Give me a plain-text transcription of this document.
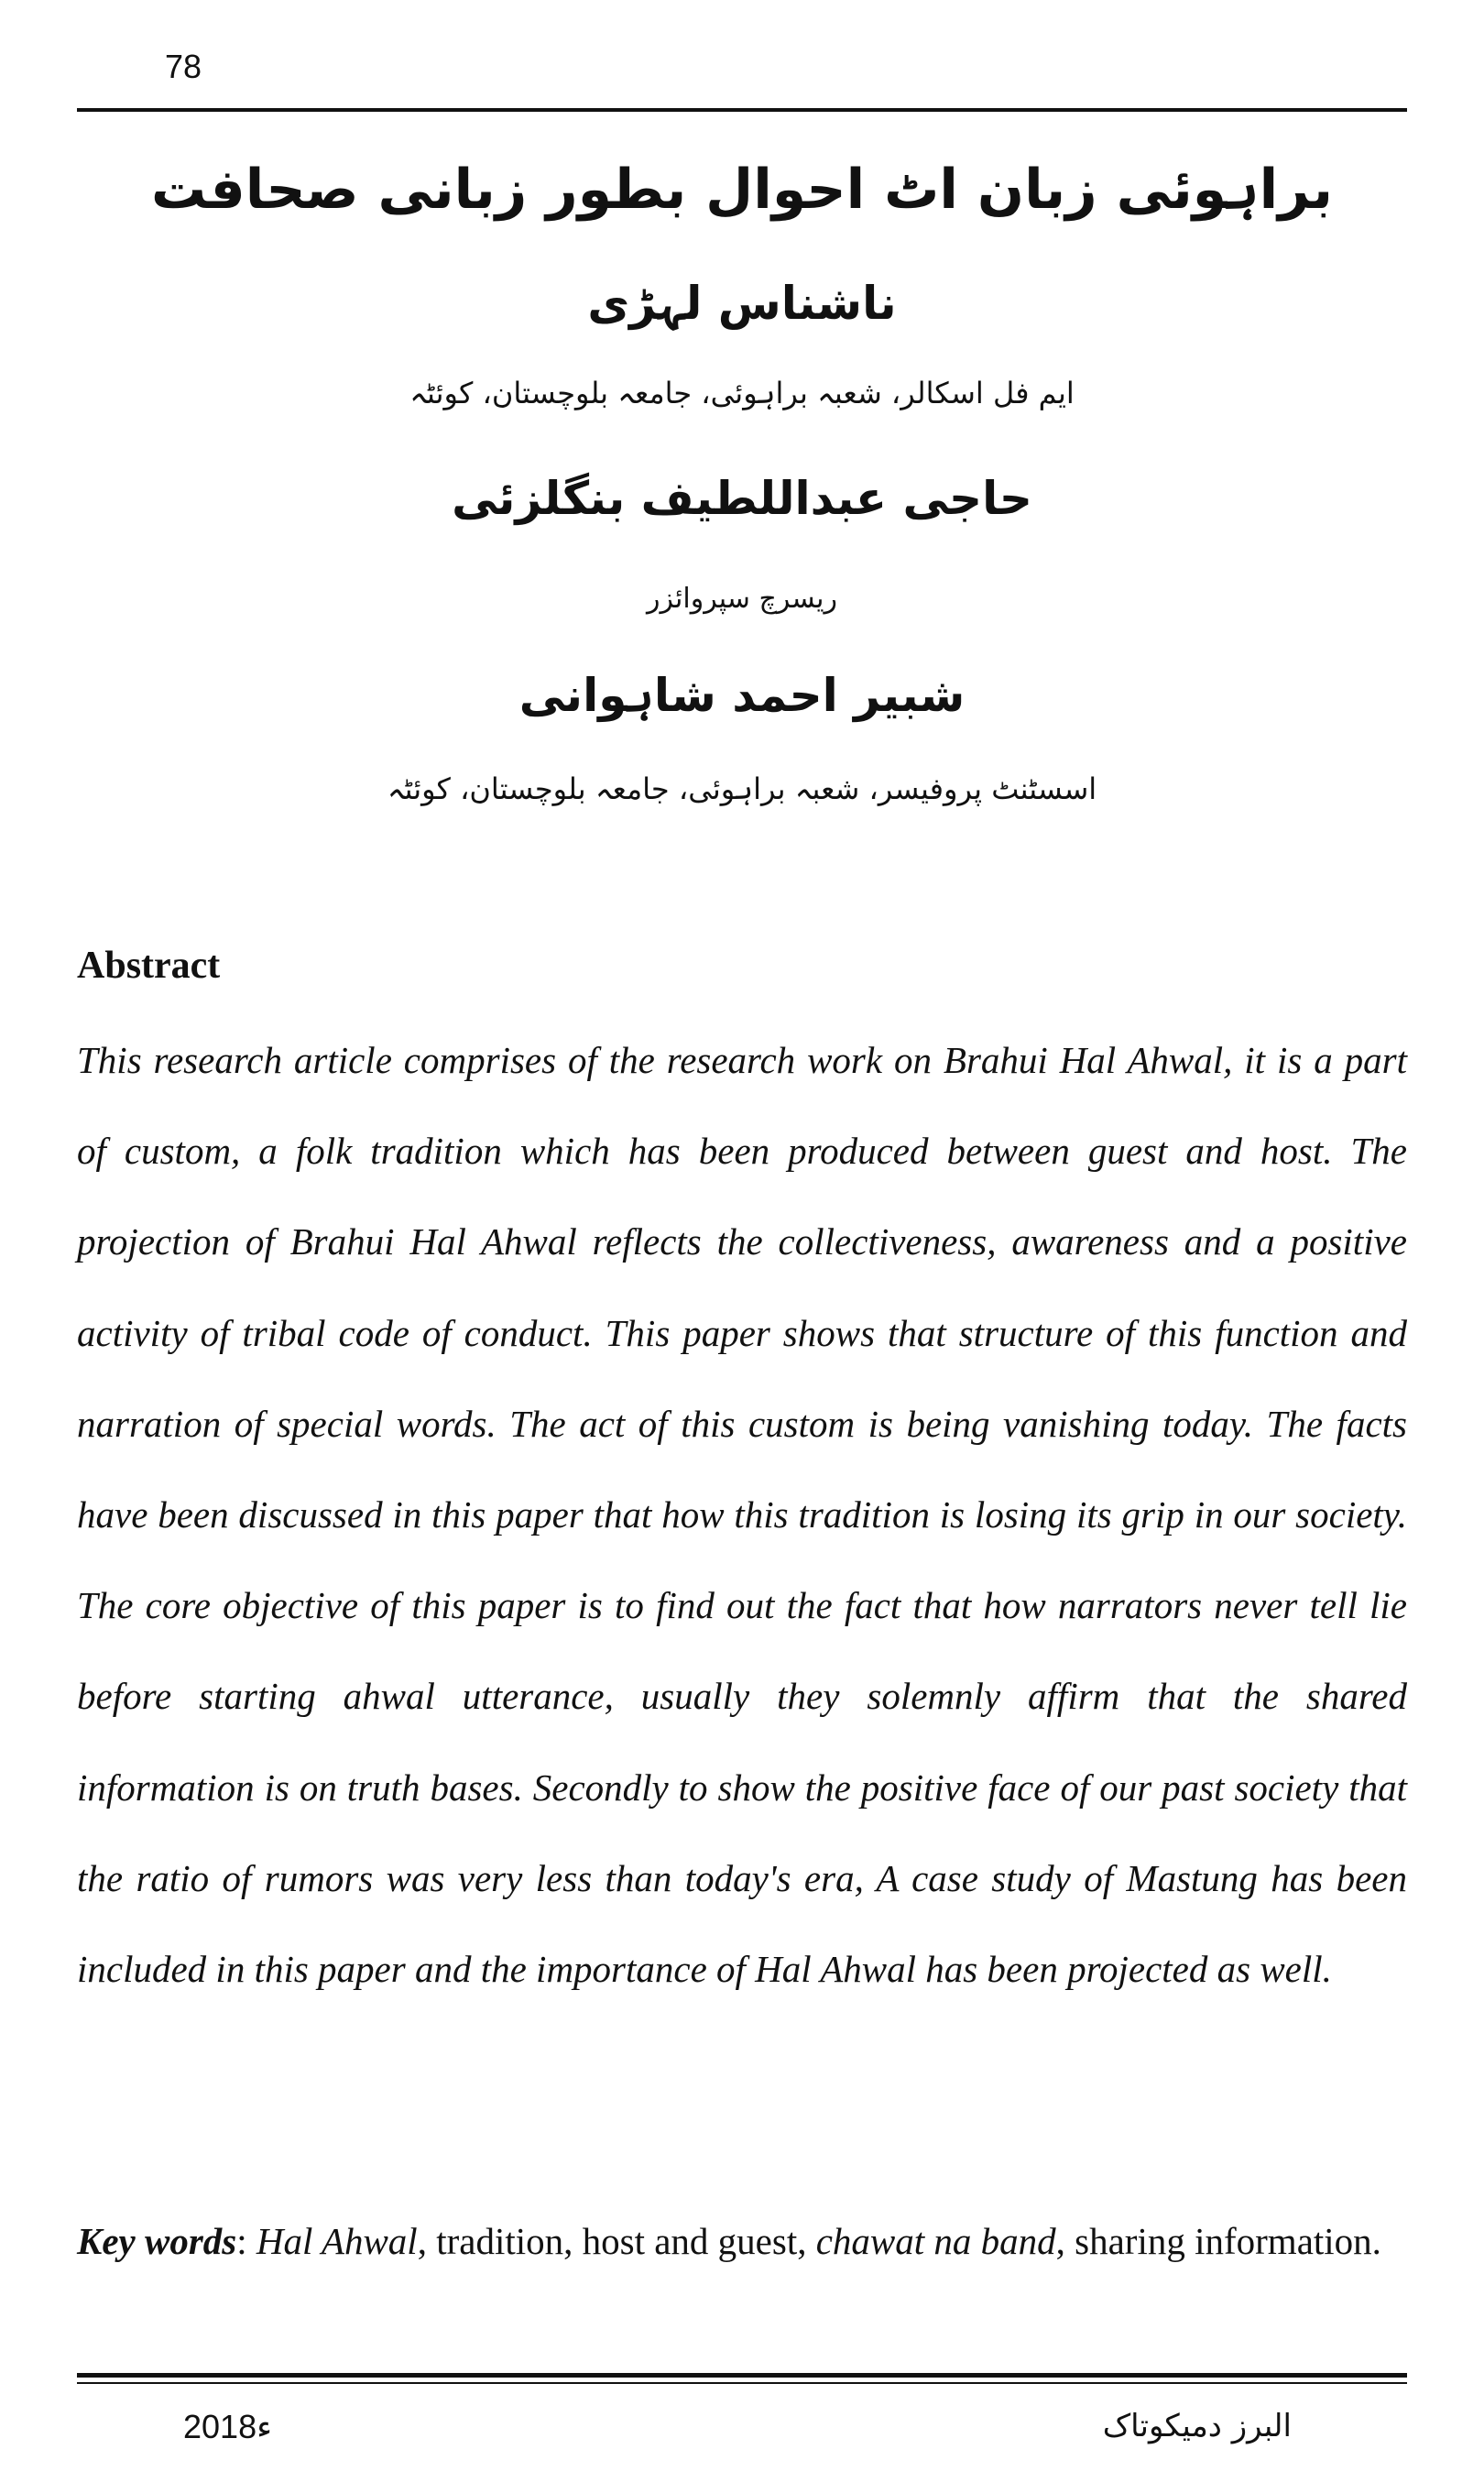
78
براہوئی زبان اٹ احوال بطور زبانی صحافت
ناشناس لہڑی
ایم فل اسکالر، شعبہ براہوئی، جامعہ بلوچستان، کوئٹہ
حاجی عبداللطیف بنگلزئی
ریسرچ سپروائزر
شبیر احمد شاہوانی
اسسٹنٹ پروفیسر، شعبہ براہوئی، جامعہ بلوچستان، کوئٹہ
Abstract

This research article comprises of the research work on Brahui Hal Ahwal, it is a part of custom, a folk tradition which has been produced between guest and host. The projection of Brahui Hal Ahwal reflects the collectiveness, awareness and a positive activity of tribal code of conduct. This paper shows that structure of this function and narration of special words. The act of this custom is being vanishing today. The facts have been discussed in this paper that how this tradition is losing its grip in our society. The core objective of this paper is to find out the fact that how narrators never tell lie before starting ahwal utterance, usually they solemnly affirm that the shared information is on truth bases. Secondly to show the positive face of our past society that the ratio of rumors was very less than today's era, A case study of Mastung has been included in this paper and the importance of Hal Ahwal has been projected as well.

Key words: Hal Ahwal, tradition, host and guest, chawat na band, sharing information.

2018ء	البرز دمیکوتاک
